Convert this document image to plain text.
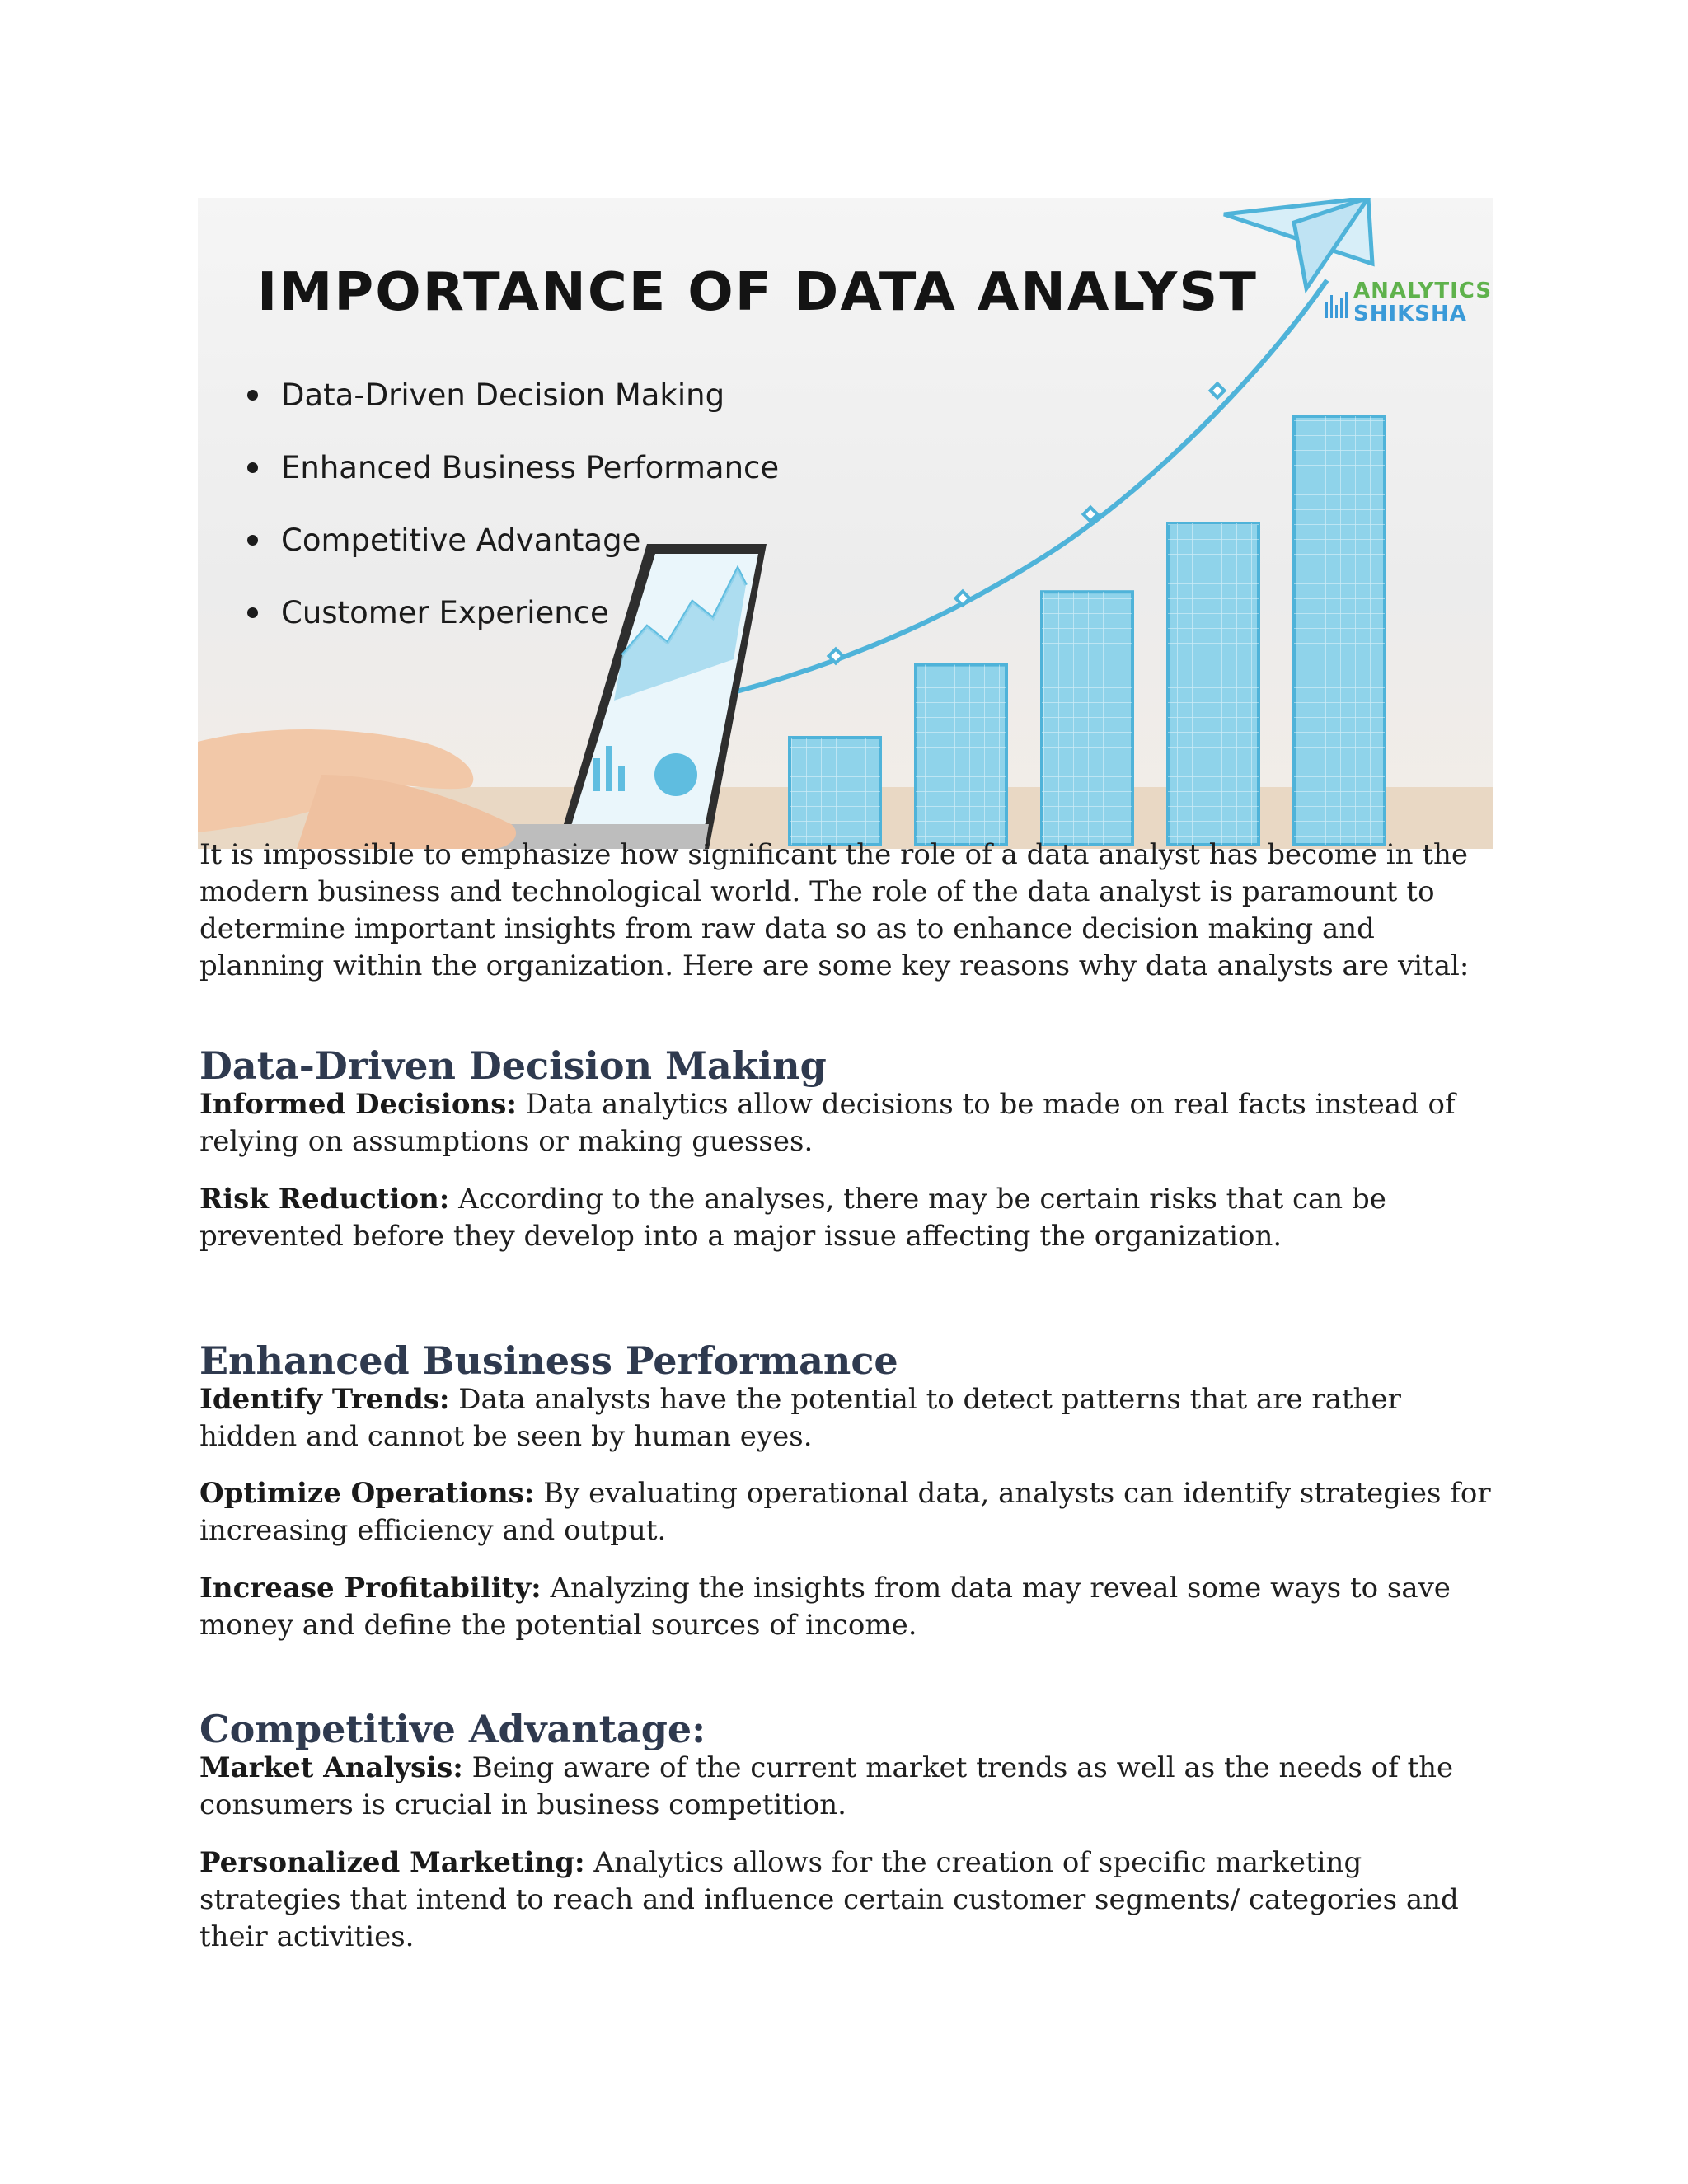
IMPORTANCE OF DATA ANALYST
Data-Driven Decision Making
Enhanced Business Performance
Competitive Advantage
Customer Experience
ANALYTICS
SHIKSHA

It is impossible to emphasize how significant the role of a data analyst has become in the modern business and technological world. The role of the data analyst is paramount to determine important insights from raw data so as to enhance decision making and planning within the organization. Here are some key reasons why data analysts are vital:

Data-Driven Decision Making

Informed Decisions: Data analytics allow decisions to be made on real facts instead of relying on assumptions or making guesses.

Risk Reduction: According to the analyses, there may be certain risks that can be prevented before they develop into a major issue affecting the organization.

Enhanced Business Performance

Identify Trends: Data analysts have the potential to detect patterns that are rather hidden and cannot be seen by human eyes.

Optimize Operations: By evaluating operational data, analysts can identify strategies for increasing efficiency and output.

Increase Profitability: Analyzing the insights from data may reveal some ways to save money and define the potential sources of income.

Competitive Advantage:

Market Analysis: Being aware of the current market trends as well as the needs of the consumers is crucial in business competition.

Personalized Marketing: Analytics allows for the creation of specific marketing strategies that intend to reach and influence certain customer segments/ categories and their activities.
